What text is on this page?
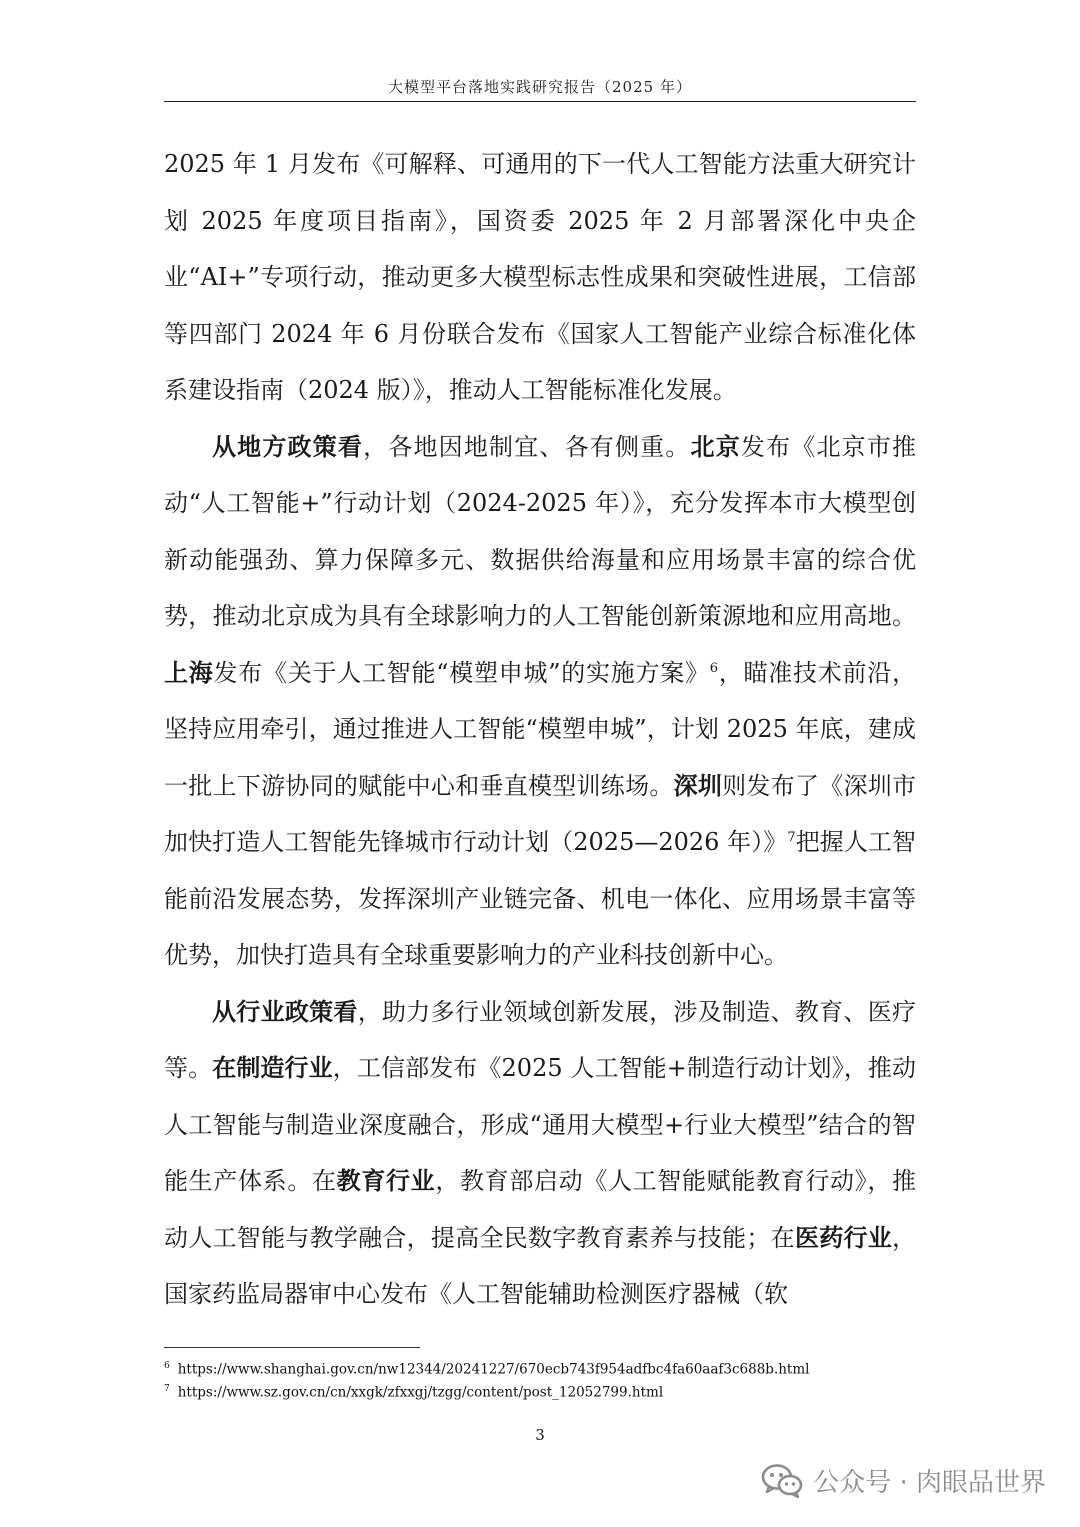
大模型平台落地实践研究报告（2025 年）

2025 年 1 月发布《可解释、可通用的下一代人工智能方法重大研究计划 2025 年度项目指南》，国资委 2025 年 2 月部署深化中央企业“AI+”专项行动，推动更多大模型标志性成果和突破性进展，工信部等四部门 2024 年 6 月份联合发布《国家人工智能产业综合标准化体系建设指南（2024 版）》，推动人工智能标准化发展。

从地方政策看，各地因地制宜、各有侧重。北京发布《北京市推动“人工智能+”行动计划（2024-2025 年）》，充分发挥本市大模型创新动能强劲、算力保障多元、数据供给海量和应用场景丰富的综合优势，推动北京成为具有全球影响力的人工智能创新策源地和应用高地。上海发布《关于人工智能“模塑申城”的实施方案》$^6$，瞄准技术前沿，坚持应用牵引，通过推进人工智能“模塑申城”，计划 2025 年底，建成一批上下游协同的赋能中心和垂直模型训练场。深圳则发布了《深圳市加快打造人工智能先锋城市行动计划（2025—2026 年）》$^7$把握人工智能前沿发展态势，发挥深圳产业链完备、机电一体化、应用场景丰富等优势，加快打造具有全球重要影响力的产业科技创新中心。

从行业政策看，助力多行业领域创新发展，涉及制造、教育、医疗等。在制造行业，工信部发布《2025 人工智能+制造行动计划》，推动人工智能与制造业深度融合，形成“通用大模型+行业大模型”结合的智能生产体系。在教育行业，教育部启动《人工智能赋能教育行动》，推动人工智能与教学融合，提高全民数字教育素养与技能；在医药行业，国家药监局器审中心发布《人工智能辅助检测医疗器械（软

$^6$ https://www.shanghai.gov.cn/nw12344/20241227/670ecb743f954adfbc4fa60aaf3c688b.html
$^7$ https://www.sz.gov.cn/cn/xxgk/zfxxgj/tzgg/content/post_12052799.html
3
公众号 · 肉眼品世界
